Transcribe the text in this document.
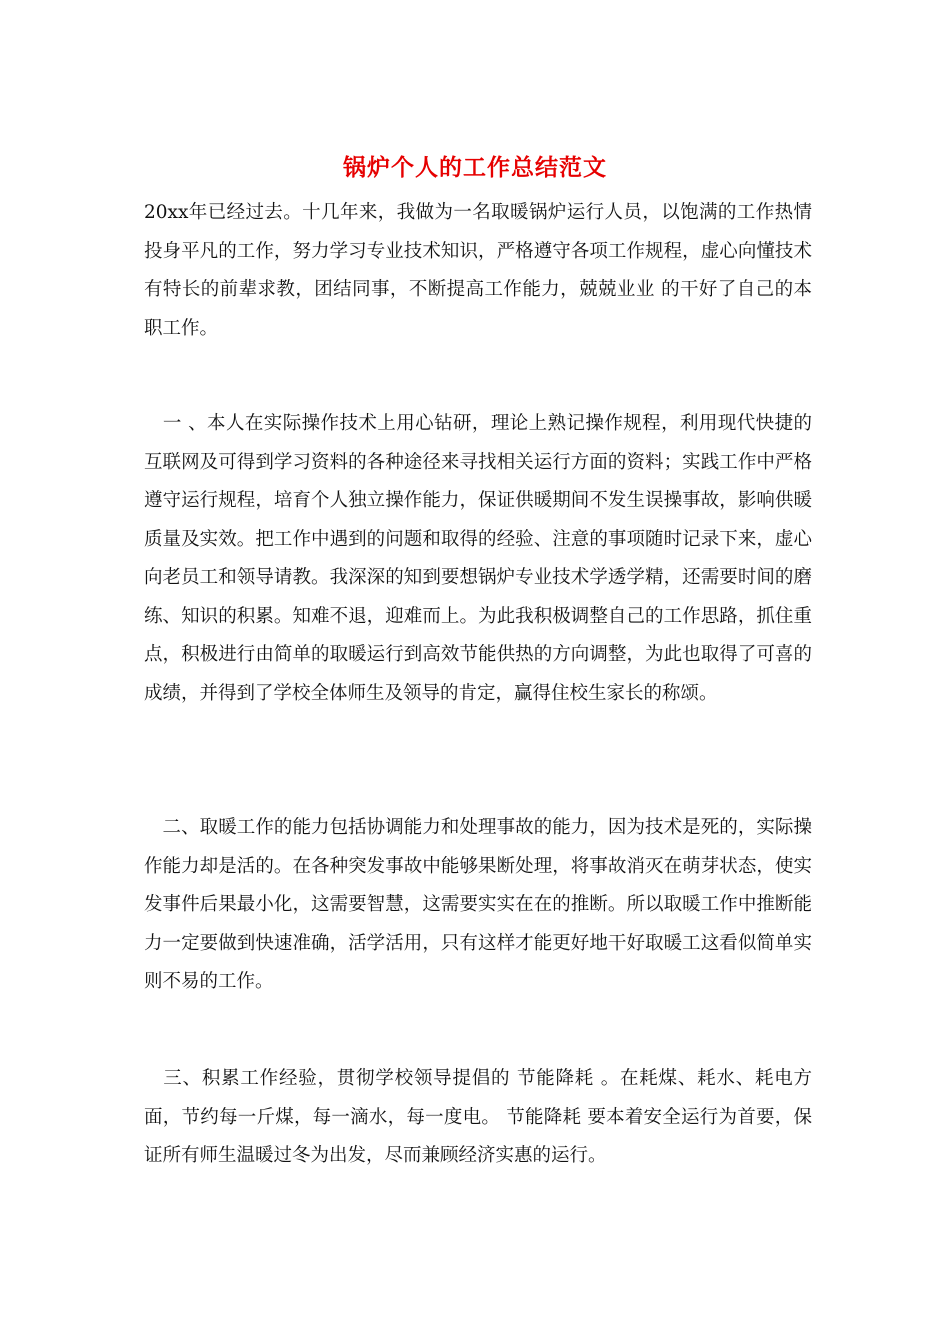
锅炉个人的工作总结范文

20xx年已经过去。十几年来，我做为一名取暖锅炉运行人员，以饱满的工作热情投身平凡的工作，努力学习专业技术知识，严格遵守各项工作规程，虚心向懂技术有特长的前辈求教，团结同事，不断提高工作能力，兢兢业业 的干好了自己的本职工作。

　一 、本人在实际操作技术上用心钻研，理论上熟记操作规程，利用现代快捷的互联网及可得到学习资料的各种途径来寻找相关运行方面的资料；实践工作中严格遵守运行规程，培育个人独立操作能力，保证供暖期间不发生误操事故，影响供暖质量及实效。把工作中遇到的问题和取得的经验、注意的事项随时记录下来，虚心向老员工和领导请教。我深深的知到要想锅炉专业技术学透学精，还需要时间的磨练、知识的积累。知难不退，迎难而上。为此我积极调整自己的工作思路，抓住重点，积极进行由简单的取暖运行到高效节能供热的方向调整，为此也取得了可喜的成绩，并得到了学校全体师生及领导的肯定，赢得住校生家长的称颂。

　二、取暖工作的能力包括协调能力和处理事故的能力，因为技术是死的，实际操作能力却是活的。在各种突发事故中能够果断处理，将事故消灭在萌芽状态，使实发事件后果最小化，这需要智慧，这需要实实在在的推断。所以取暖工作中推断能力一定要做到快速准确，活学活用，只有这样才能更好地干好取暖工这看似简单实则不易的工作。

　三、积累工作经验，贯彻学校领导提倡的 节能降耗 。在耗煤、耗水、耗电方面，节约每一斤煤，每一滴水，每一度电。 节能降耗 要本着安全运行为首要，保证所有师生温暖过冬为出发，尽而兼顾经济实惠的运行。
